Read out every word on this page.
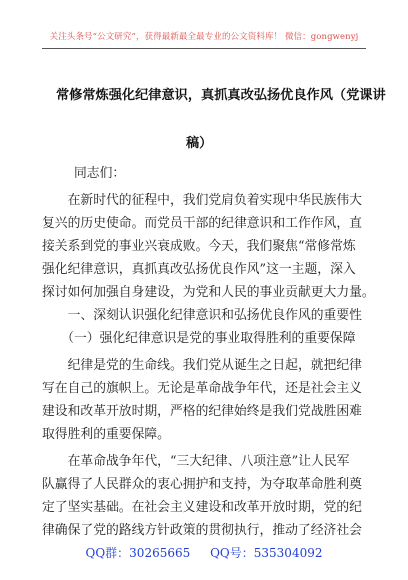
关注头条号“公文研究”，获得最新最全最专业的公文资料库！ 微信：gongwenyj
常修常炼强化纪律意识，真抓真改弘扬优良作风（党课讲
稿）
同志们：
　　在新时代的征程中，我们党肩负着实现中华民族伟大
复兴的历史使命。而党员干部的纪律意识和工作作风，直
接关系到党的事业兴衰成败。今天，我们聚焦“常修常炼
强化纪律意识，真抓真改弘扬优良作风”这一主题，深入
探讨如何加强自身建设，为党和人民的事业贡献更大力量。
　　一、深刻认识强化纪律意识和弘扬优良作风的重要性
　　（一）强化纪律意识是党的事业取得胜利的重要保障
　　纪律是党的生命线。我们党从诞生之日起，就把纪律
写在自己的旗帜上。无论是革命战争年代，还是社会主义
建设和改革开放时期，严格的纪律始终是我们党战胜困难
取得胜利的重要保障。
　　在革命战争年代，“三大纪律、八项注意”让人民军
队赢得了人民群众的衷心拥护和支持，为夺取革命胜利奠
定了坚实基础。在社会主义建设和改革开放时期，党的纪
律确保了党的路线方针政策的贯彻执行，推动了经济社会
QQ群：30265665 QQ号：535304092
